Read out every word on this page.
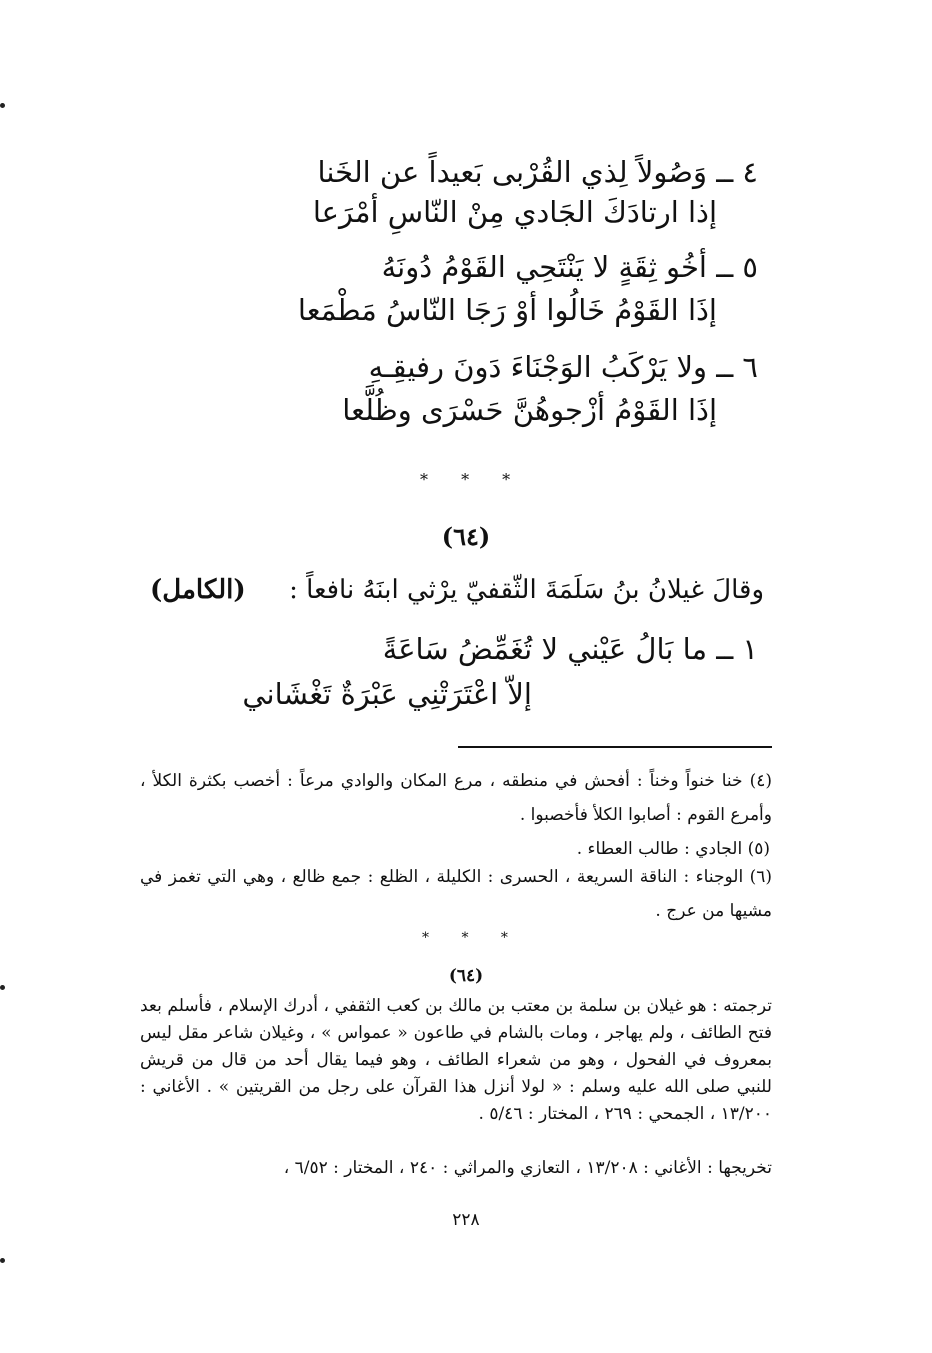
٤ ــ وَصُولاً لِذي القُرْبى بَعيداً عن الخَنا
إذا ارتادَكَ الجَادي مِنْ النّاسِ أمْرَعا
٥ ــ أخُو ثِقَةٍ لا يَنْتَحِي القَوْمُ دُونَهُ
إذَا القَوْمُ خَالُوا أوْ رَجَا النّاسُ مَطْمَعا
٦ ــ ولا يَرْكَبُ الوَجْنَاءَ دَونَ رفيقِـهِ
إذَا القَوْمُ أزْجوهُنَّ حَسْرَى وظُلَّعا
* * *
(٦٤)
وقالَ غيلانُ بنُ سَلَمَةَ الثّقفيّ يرْثي ابنَهُ نافعاً :
(الكامل)
١ ــ ما بَالُ عَيْني لا تُغَمِّضُ سَاعَةً
إلاّ اعْتَرَتْنِي عَبْرَةٌ تَغْشَاني
(٤) خنا خنواً وخناً : أفحش في منطقه ، مرع المكان والوادي مرعاً : أخصب بكثرة الكلأ ، وأمرع القوم : أصابوا الكلأ فأخصبوا .
(٥) الجادي : طالب العطاء .
(٦) الوجناء : الناقة السريعة ، الحسرى : الكليلة ، الظلع : جمع ظالع ، وهي التي تغمز في مشيها من عرج .
* * *
(٦٤)
ترجمته : هو غيلان بن سلمة بن معتب بن مالك بن كعب الثقفي ، أدرك الإسلام ، فأسلم بعد فتح الطائف ، ولم يهاجر ، ومات بالشام في طاعون « عمواس » ، وغيلان شاعر مقل ليس بمعروف في الفحول ، وهو من شعراء الطائف ، وهو فيما يقال أحد من قال من قريش للنبي صلى الله عليه وسلم : « لولا أنزل هذا القرآن على رجل من القريتين » . الأغاني : ١٣/٢٠٠ ، الجمحي : ٢٦٩ ، المختار : ٥/٤٦ .
تخريجها : الأغاني : ١٣/٢٠٨ ، التعازي والمراثي : ٢٤٠ ، المختار : ٦/٥٢ ،
٢٢٨
